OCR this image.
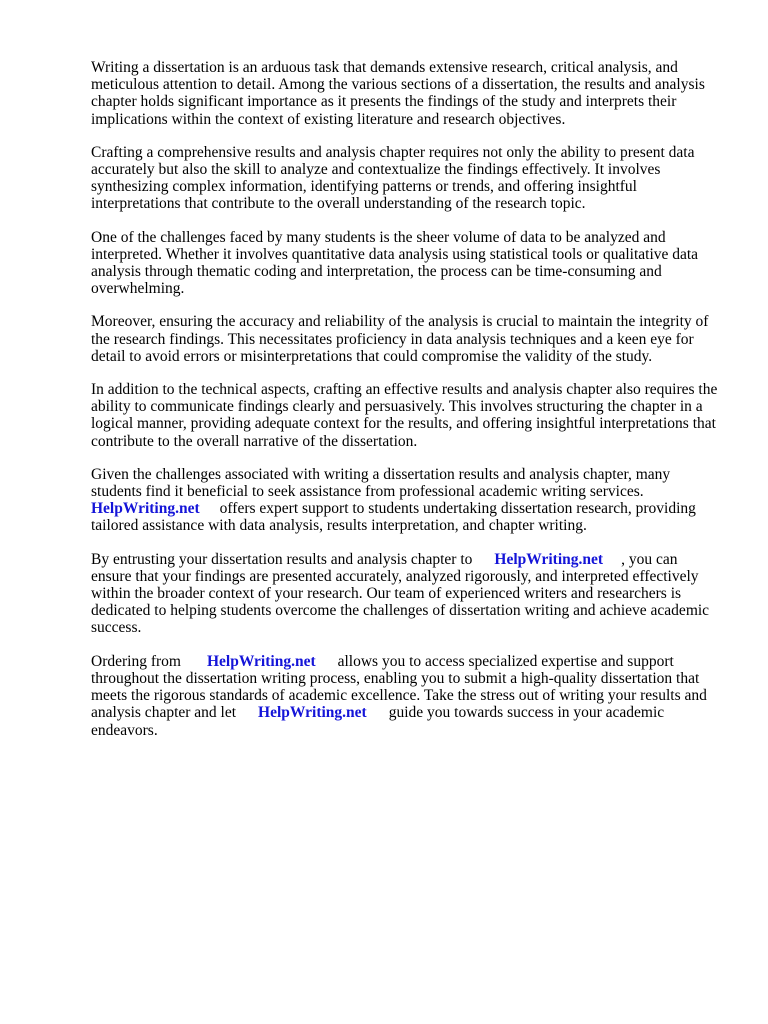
Writing a dissertation is an arduous task that demands extensive research, critical analysis, and meticulous attention to detail. Among the various sections of a dissertation, the results and analysis chapter holds significant importance as it presents the findings of the study and interprets their implications within the context of existing literature and research objectives.

Crafting a comprehensive results and analysis chapter requires not only the ability to present data accurately but also the skill to analyze and contextualize the findings effectively. It involves synthesizing complex information, identifying patterns or trends, and offering insightful interpretations that contribute to the overall understanding of the research topic.

One of the challenges faced by many students is the sheer volume of data to be analyzed and interpreted. Whether it involves quantitative data analysis using statistical tools or qualitative data analysis through thematic coding and interpretation, the process can be time-consuming and overwhelming.

Moreover, ensuring the accuracy and reliability of the analysis is crucial to maintain the integrity of the research findings. This necessitates proficiency in data analysis techniques and a keen eye for detail to avoid errors or misinterpretations that could compromise the validity of the study.

In addition to the technical aspects, crafting an effective results and analysis chapter also requires the ability to communicate findings clearly and persuasively. This involves structuring the chapter in a logical manner, providing adequate context for the results, and offering insightful interpretations that contribute to the overall narrative of the dissertation.

Given the challenges associated with writing a dissertation results and analysis chapter, many students find it beneficial to seek assistance from professional academic writing services. HelpWriting.net offers expert support to students undertaking dissertation research, providing tailored assistance with data analysis, results interpretation, and chapter writing.

By entrusting your dissertation results and analysis chapter to HelpWriting.net , you can ensure that your findings are presented accurately, analyzed rigorously, and interpreted effectively within the broader context of your research. Our team of experienced writers and researchers is dedicated to helping students overcome the challenges of dissertation writing and achieve academic success.

Ordering from HelpWriting.net allows you to access specialized expertise and support throughout the dissertation writing process, enabling you to submit a high-quality dissertation that meets the rigorous standards of academic excellence. Take the stress out of writing your results and analysis chapter and let HelpWriting.net guide you towards success in your academic endeavors.
